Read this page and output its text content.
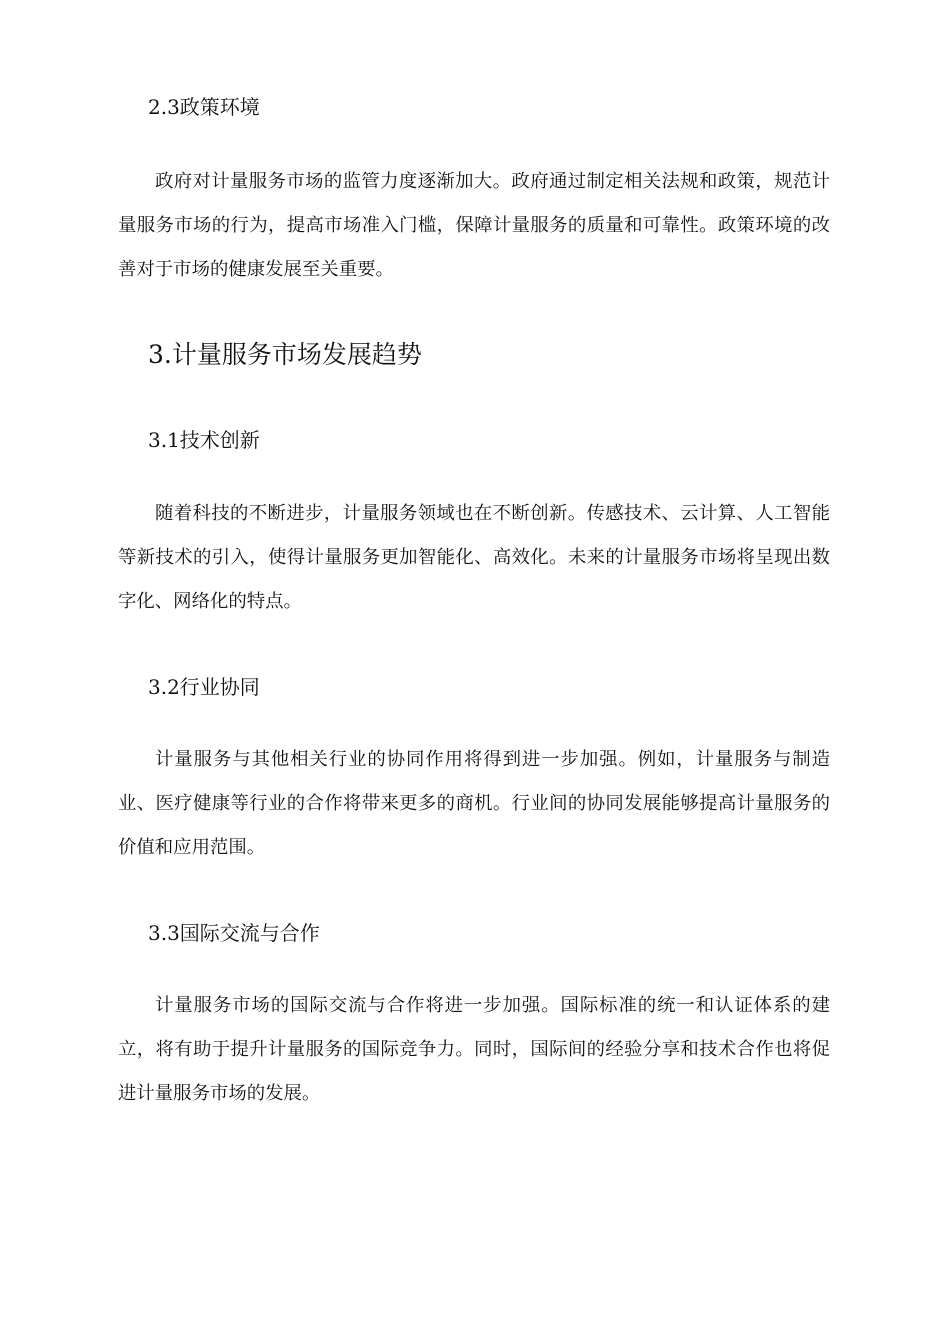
2.3政策环境

政府对计量服务市场的监管力度逐渐加大。政府通过制定相关法规和政策，规范计量服务市场的行为，提高市场准入门槛，保障计量服务的质量和可靠性。政策环境的改善对于市场的健康发展至关重要。

3.计量服务市场发展趋势
3.1技术创新

随着科技的不断进步，计量服务领域也在不断创新。传感技术、云计算、人工智能等新技术的引入，使得计量服务更加智能化、高效化。未来的计量服务市场将呈现出数字化、网络化的特点。

3.2行业协同

计量服务与其他相关行业的协同作用将得到进一步加强。例如，计量服务与制造业、医疗健康等行业的合作将带来更多的商机。行业间的协同发展能够提高计量服务的价值和应用范围。

3.3国际交流与合作

计量服务市场的国际交流与合作将进一步加强。国际标准的统一和认证体系的建立，将有助于提升计量服务的国际竞争力。同时，国际间的经验分享和技术合作也将促进计量服务市场的发展。
